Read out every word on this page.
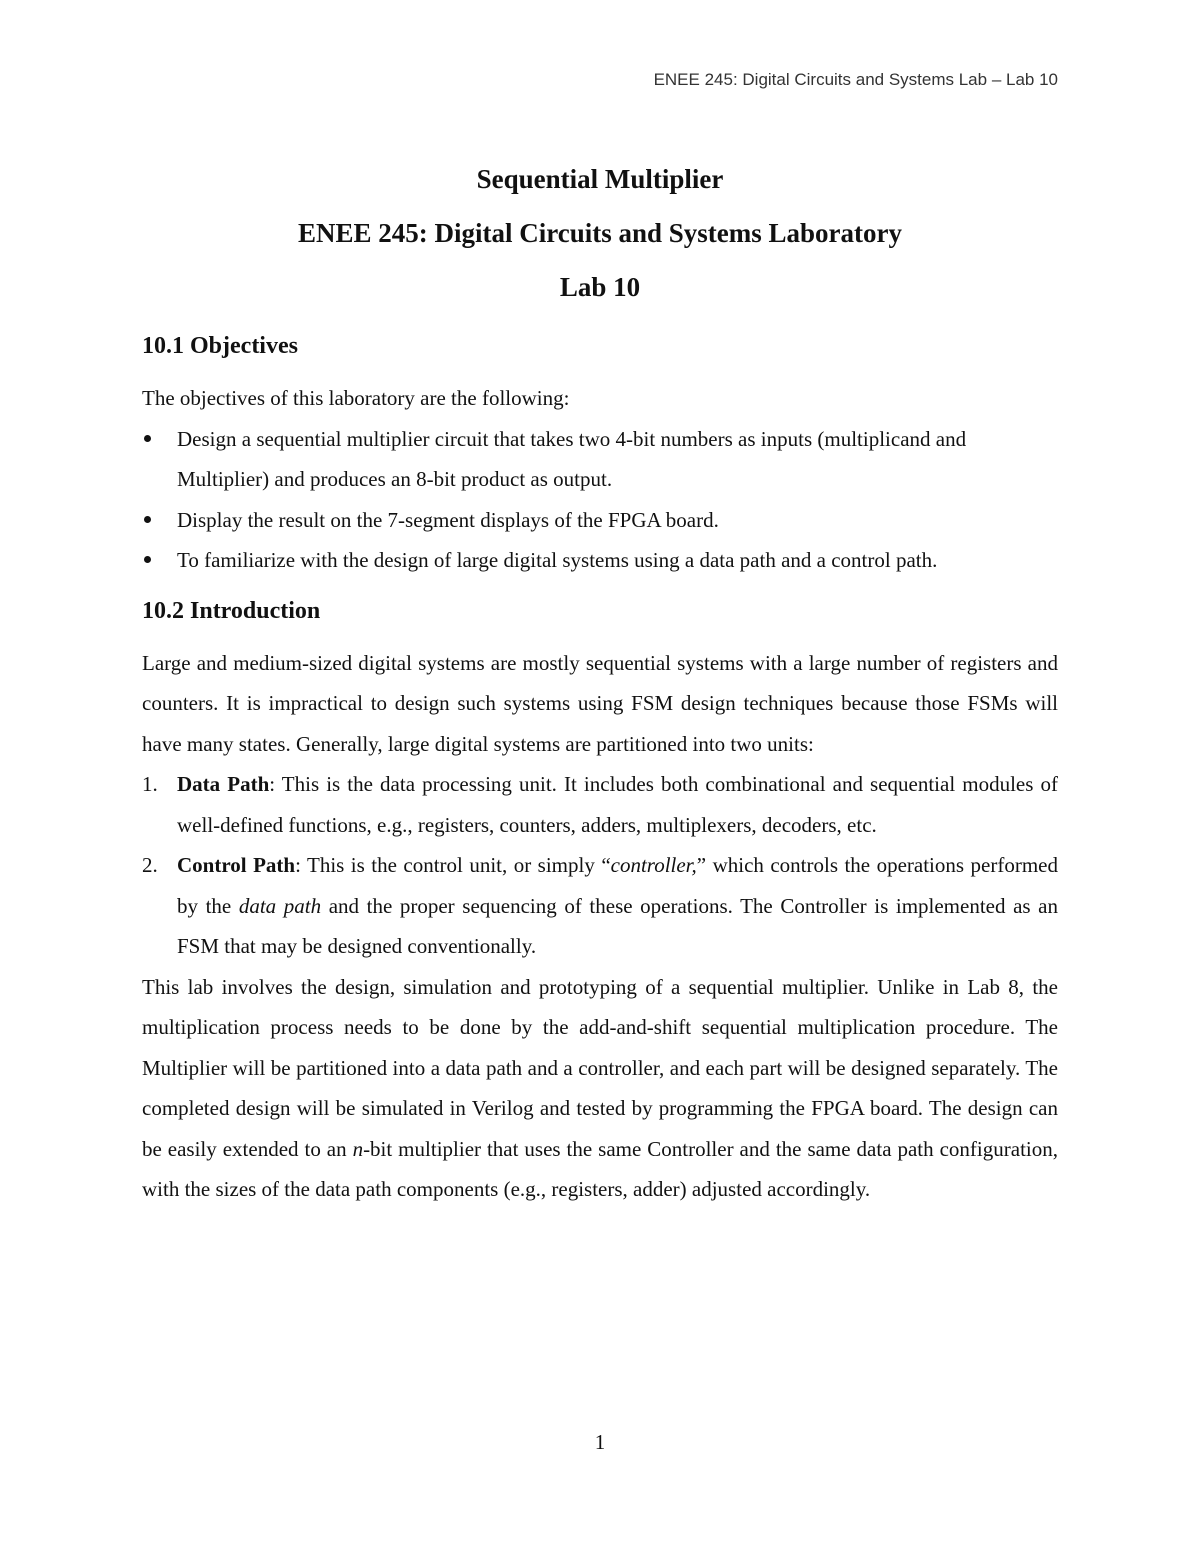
ENEE 245: Digital Circuits and Systems Lab – Lab 10
Sequential Multiplier
ENEE 245: Digital Circuits and Systems Laboratory
Lab 10
10.1 Objectives

The objectives of this laboratory are the following:

Design a sequential multiplier circuit that takes two 4-bit numbers as inputs (multiplicand and Multiplier) and produces an 8-bit product as output.
Display the result on the 7-segment displays of the FPGA board.
To familiarize with the design of large digital systems using a data path and a control path.
10.2 Introduction

Large and medium-sized digital systems are mostly sequential systems with a large number of registers and counters. It is impractical to design such systems using FSM design techniques because those FSMs will have many states. Generally, large digital systems are partitioned into two units:

1. Data Path: This is the data processing unit. It includes both combinational and sequential modules of well-defined functions, e.g., registers, counters, adders, multiplexers, decoders, etc.
2. Control Path: This is the control unit, or simply “controller,” which controls the operations performed by the data path and the proper sequencing of these operations. The Controller is implemented as an FSM that may be designed conventionally.

This lab involves the design, simulation and prototyping of a sequential multiplier. Unlike in Lab 8, the multiplication process needs to be done by the add-and-shift sequential multiplication procedure. The Multiplier will be partitioned into a data path and a controller, and each part will be designed separately. The completed design will be simulated in Verilog and tested by programming the FPGA board. The design can be easily extended to an n-bit multiplier that uses the same Controller and the same data path configuration, with the sizes of the data path components (e.g., registers, adder) adjusted accordingly.

1
